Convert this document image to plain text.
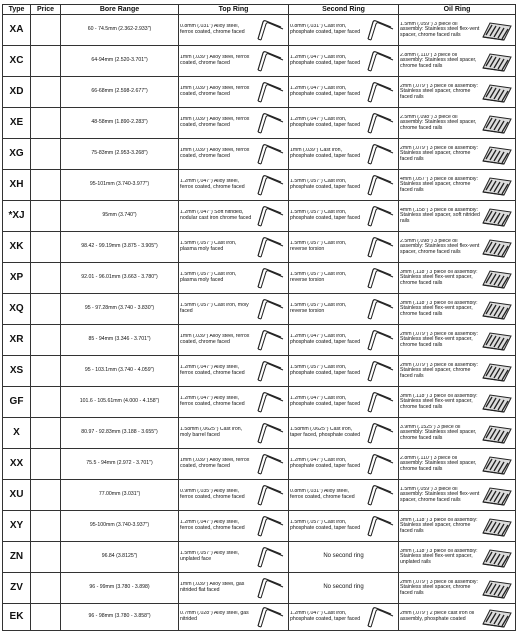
Type	Price	Bore Range	Top Ring	Second Ring	Oil Ring
XA		60 - 74.5mm (2.362-2.933")	0.8mm (.031") Alloy steel, ferrox coated, chrome faced	0.8mm (.031") Cast iron, phosphate coated, taper faced	1.5mm (.059") 3 piece oil assembly: Stainless steel flex-vent spacer, chrome faced rails

XC		64-94mm (2.520-3.701")	1mm (.039") Alloy steel, ferrox coated, chrome faced	1.2mm (.047") Cast iron, phosphate coated, taper faced	2.8mm (.110") 3 piece oil assembly: Stainless steel spacer, chrome faced rails

XD		66-68mm (2.598-2.677")	1mm (.039") Alloy steel, ferrox coated, chrome faced	1.2mm (.047") Cast iron, phosphate coated, taper faced	2mm (.079") 3 piece oil assembly: Stainless steel spacer, chrome faced rails

XE		48-58mm (1.890-2.283")	1mm (.039") Alloy steel, ferrox coated, chrome faced	1.2mm (.047") Cast iron, phosphate coated, taper faced	2.5mm (.098") 3 piece oil assembly: Stainless steel spacer, chrome faced rails

XG		75-83mm (2.953-3.268")	1mm (.039") Alloy steel, ferrox coated, chrome faced	1mm (.039") Cast iron, phosphate coated, taper faced	2mm (.079") 3 piece oil assembly: Stainless steel spacer, chrome faced rails

XH		95-101mm (3.740-3.977")	1.2mm (.047") Alloy steel, ferrox coated, chrome faced	1.5mm (.057") Cast iron, phosphate coated, taper faced	4mm (.057") 3 piece oil assembly: Stainless steel spacer, chrome faced rails

*XJ		95mm (3.740")	1.2mm (.047") Soft nitrided, nodular cast iron chrome faced	1.5mm (.057") Cast iron, phosphate coated, taper faced	4mm (.158") 3 piece oil assembly: Stainless steel spacer, soft nitrided rails

XK		98.42 - 99.19mm (3.875 - 3.905")	1.5mm (.057") Cast iron, plasma moly faced	1.5mm (.057") Cast iron, reverse torsion	2.5mm (.098") 3 piece oil assembly: Stainless steel flex-vent spacer, chrome faced rails

XP		92.01 - 96.01mm (3.663 - 3.780")	1.5mm (.057") Cast iron, plasma moly faced	1.5mm (.057") Cast iron, reverse torsion	3mm (.118") 3 piece oil assembly: Stainless steel flex-vent spacer, chrome faced rails

XQ		95 - 97.28mm (3.740 - 3.830")	1.5mm (.057") Cast iron, moly faced	1.5mm (.057") Cast iron, reverse torsion	3mm (.118") 3 piece oil assembly: Stainless steel flex-vent spacer, chrome faced rails

XR		85 - 94mm (3.346 - 3.701")	1mm (.039") Alloy steel, ferrox coated, chrome faced	1.2mm (.047") Cast iron, phosphate coated, taper faced	2mm (.079") 3 piece oil assembly: Stainless steel flex-vent spacer, chrome faced rails

XS		95 - 103.1mm (3.740 - 4.059")	1.2mm (.047") Alloy steel, ferrox coated, chrome faced	1.5mm (.057") Cast iron, phosphate coated, taper faced	2mm (.079") 3 piece oil assembly: Stainless steel spacer, chrome faced rails

GF		101.6 - 105.61mm (4.000 - 4.158")	1.2mm (.047") Alloy steel, ferrox coated, chrome faced	1.2mm (.047") Cast iron, phosphate coated, taper faced	3mm (.118") 3 piece oil assembly: Stainless steel flex-vent spacer, chrome faced rails

X		80.97 - 92.83mm (3.188 - 3.655")	1.58mm (.0625") Cast iron, moly barrel faced	1.58mm (.0625") Cast iron, taper faced, phosphate coated	3.9mm (.1525") 3 piece oil assembly: Stainless steel spacer, chrome faced rails

XX		75.5 - 94mm (2.972 - 3.701")	1mm (.039") Alloy steel, ferrox coated, chrome faced	1.2mm (.047") Cast iron, phosphate coated, taper faced	2.8mm (.110") 3 piece oil assembly: Stainless steel spacer, chrome faced rails

XU		77.00mm (3.031")	0.9mm (.035") Alloy steel, ferrox coated, chrome faced	0.8mm (.031") Alloy steel, ferrox coated, chrome faced	1.5mm (.059") 3 piece oil assembly: Stainless steel flex-vent spacer, chrome faced rails

XY		95-100mm (3.740-3.937")	1.2mm (.047") Alloy steel, ferrox coated, chrome faced	1.5mm (.057") Cast iron, phosphate coated, taper faced	3mm (.118") 3 piece oil assembly: Stainless steel spacer, chrome faced rails

ZN		96.84 (3.8125")	1.5mm (.057") Alloy steel, unplated face	No second ring	3mm (.118") 3 piece oil assembly: Stainless steel flex-vent spacer, unplated rails

ZV		96 - 99mm (3.780 - 3.898)	1mm (.039") Alloy steel, gas nitrided flat faced	No second ring	2mm (.079") 3 piece oil assembly: Stainless steel spacer, chrome faced rails

EK		96 - 98mm (3.780 - 3.858")	0.7mm (.028") Alloy steel, gas nitrided	1.2mm (.047") Cast iron, phosphate coated, taper faced	2mm (.079") 2 piece cast iron oil assembly, phosphate coated
